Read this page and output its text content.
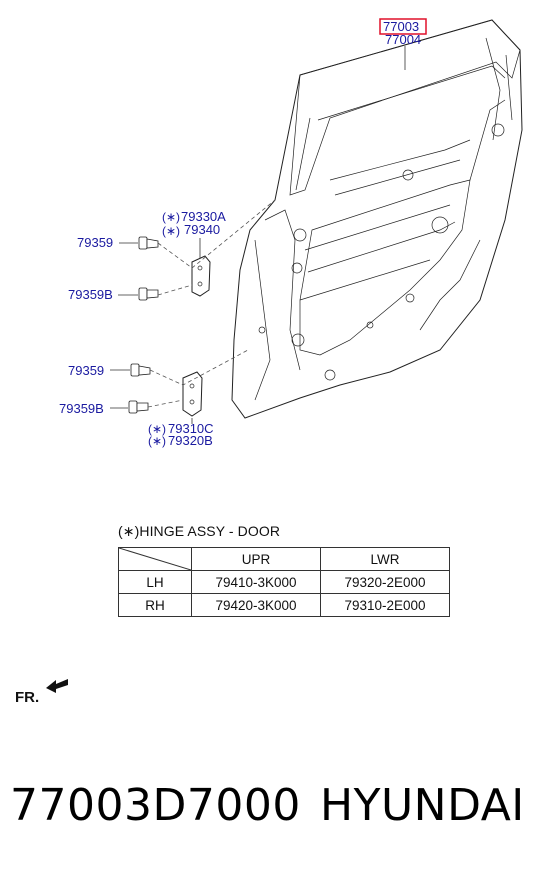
77003
77004
(∗) 79330A
(∗) 79340
79359
79359B
79359
79359B
(∗) 79310C
(∗) 79320B
(∗)HINGE ASSY - DOOR
	UPR	LWR
LH	79410-3K000	79320-2E000
RH	79420-3K000	79310-2E000
FR.
77003D7000 HYUNDAI
